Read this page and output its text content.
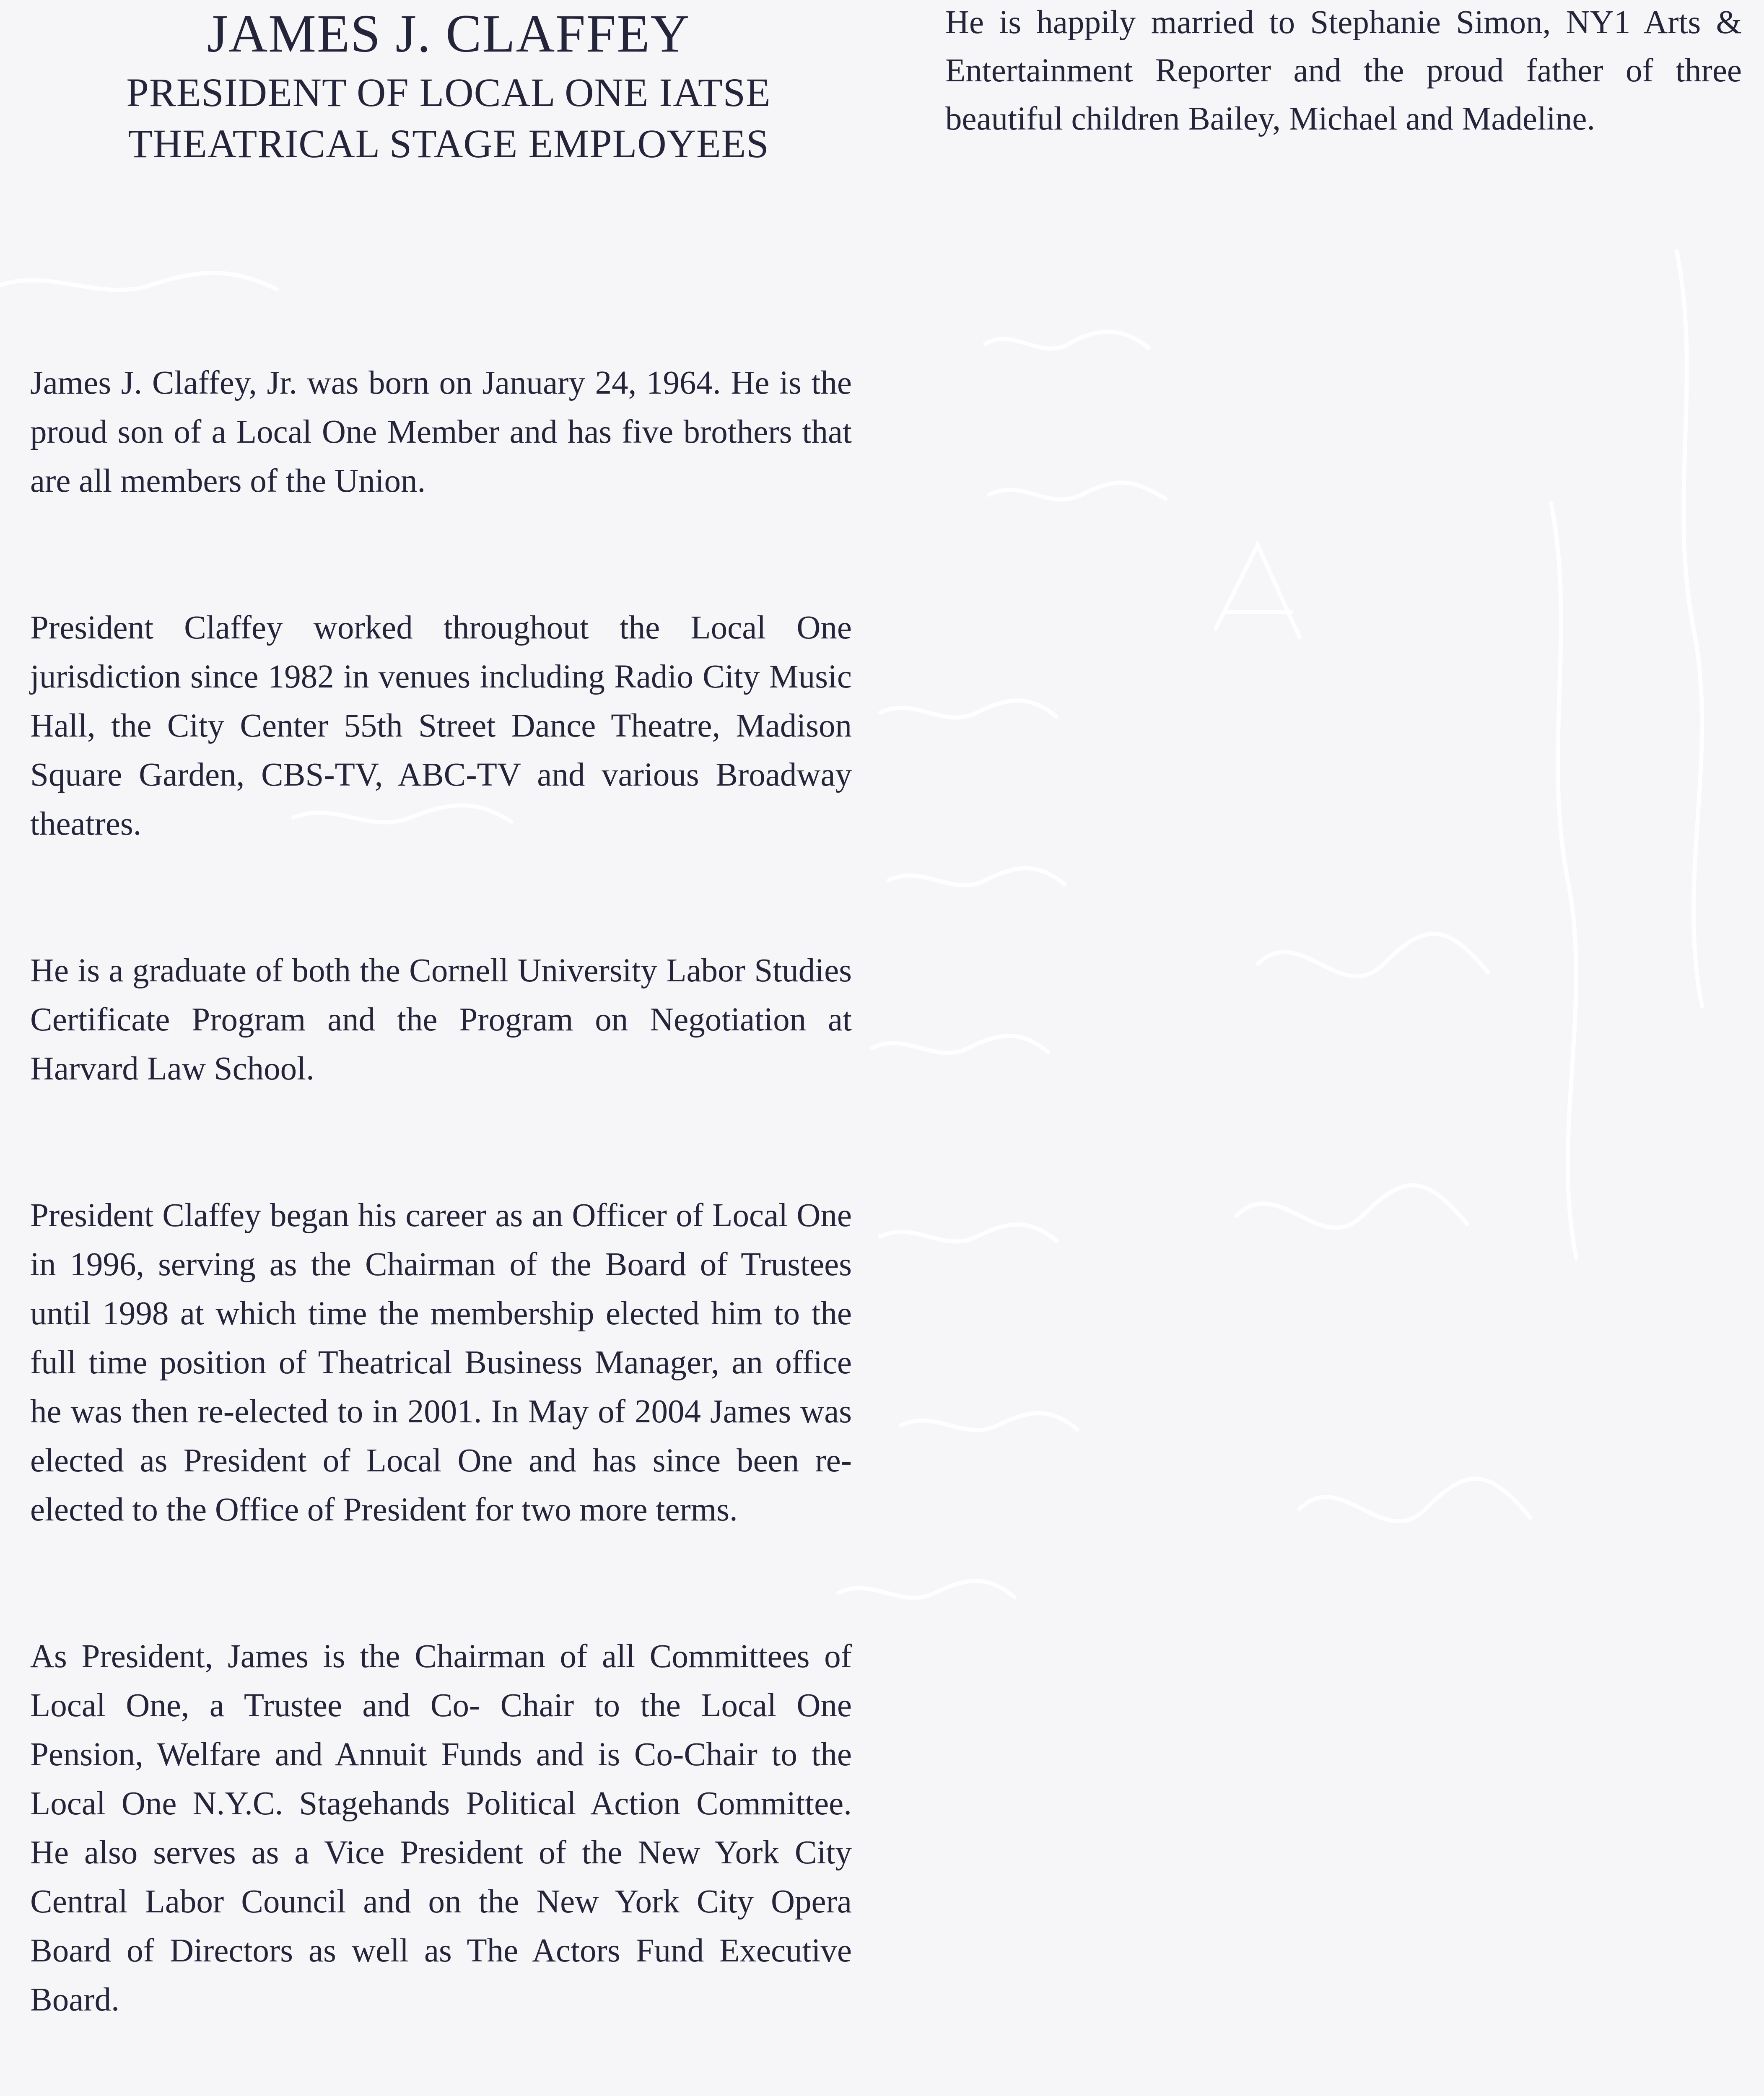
JAMES J. CLAFFEY
PRESIDENT OF LOCAL ONE IATSE
THEATRICAL STAGE EMPLOYEES

James J. Claffey, Jr. was born on January 24, 1964. He is the proud son of a Local One Member and has five brothers that are all members of the Union.

President Claffey worked throughout the Local One jurisdiction since 1982 in venues including Radio City Music Hall, the City Center 55th Street Dance Theatre, Madison Square Garden, CBS-TV, ABC-TV and various Broadway theatres.

He is a graduate of both the Cornell University Labor Studies Certificate Program and the Program on Negotiation at Harvard Law School.

President Claffey began his career as an Officer of Local One in 1996, serving as the Chairman of the Board of Trustees until 1998 at which time the membership elected him to the full time position of Theatrical Business Manager, an office he was then re-elected to in 2001. In May of 2004 James was elected as President of Local One and has since been re-elected to the Office of President for two more terms.

As President, James is the Chairman of all Committees of Local One, a Trustee and Co- Chair to the Local One Pension, Welfare and Annuit Funds and is Co-Chair to the Local One N.Y.C. Stagehands Political Action Committee. He also serves as a Vice President of the New York City Central Labor Council and on the New York City Opera Board of Directors as well as The Actors Fund Executive Board.

He is happily married to Stephanie Simon, NY1 Arts & Entertainment Reporter and the proud father of three beautiful children Bailey, Michael and Madeline.
